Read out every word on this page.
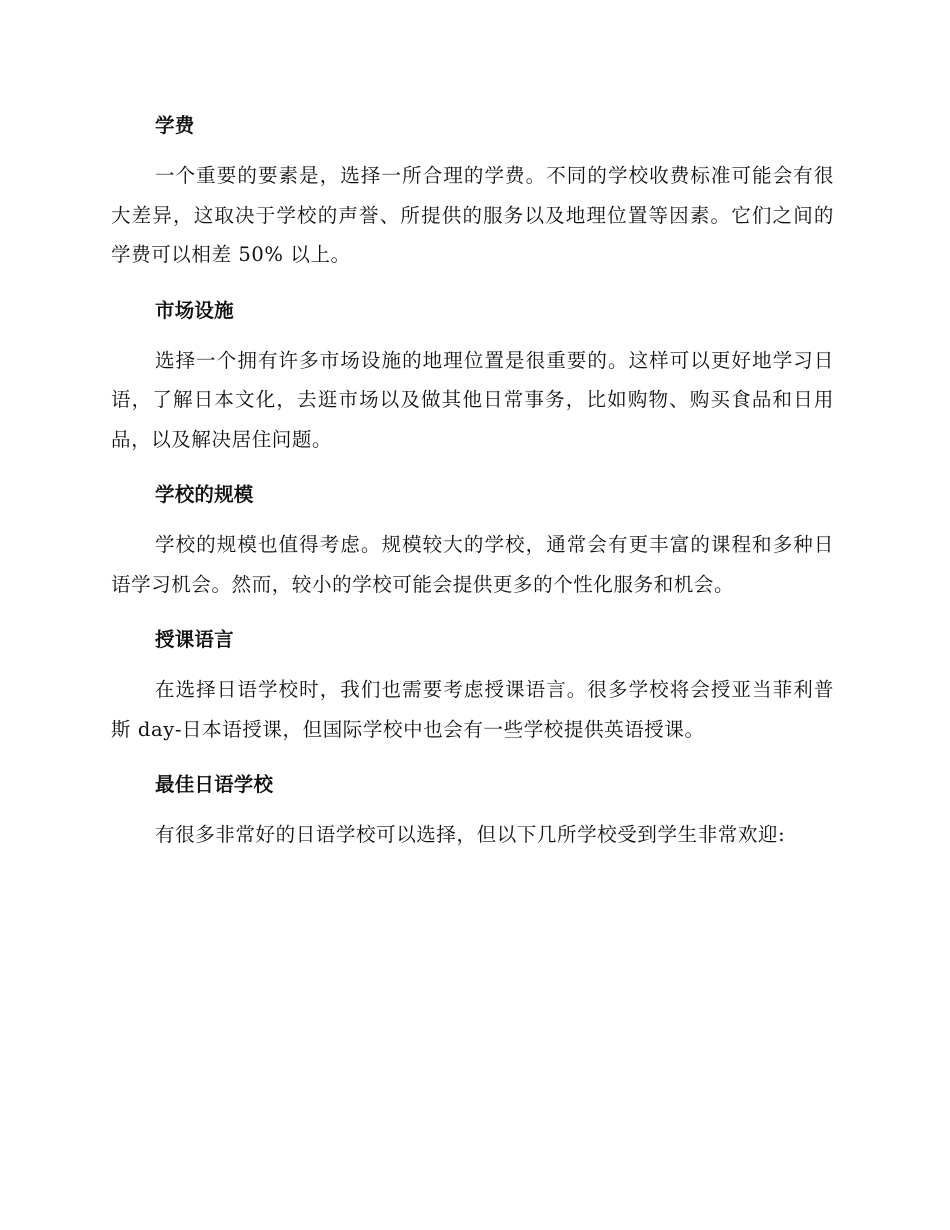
学费

一个重要的要素是，选择一所合理的学费。不同的学校收费标准可能会有很大差异，这取决于学校的声誉、所提供的服务以及地理位置等因素。它们之间的学费可以相差 50% 以上。

市场设施

选择一个拥有许多市场设施的地理位置是很重要的。这样可以更好地学习日语，了解日本文化，去逛市场以及做其他日常事务，比如购物、购买食品和日用品，以及解决居住问题。

学校的规模

学校的规模也值得考虑。规模较大的学校，通常会有更丰富的课程和多种日语学习机会。然而，较小的学校可能会提供更多的个性化服务和机会。

授课语言

在选择日语学校时，我们也需要考虑授课语言。很多学校将会授亚当菲利普斯 day-日本语授课，但国际学校中也会有一些学校提供英语授课。

最佳日语学校

有很多非常好的日语学校可以选择，但以下几所学校受到学生非常欢迎:
